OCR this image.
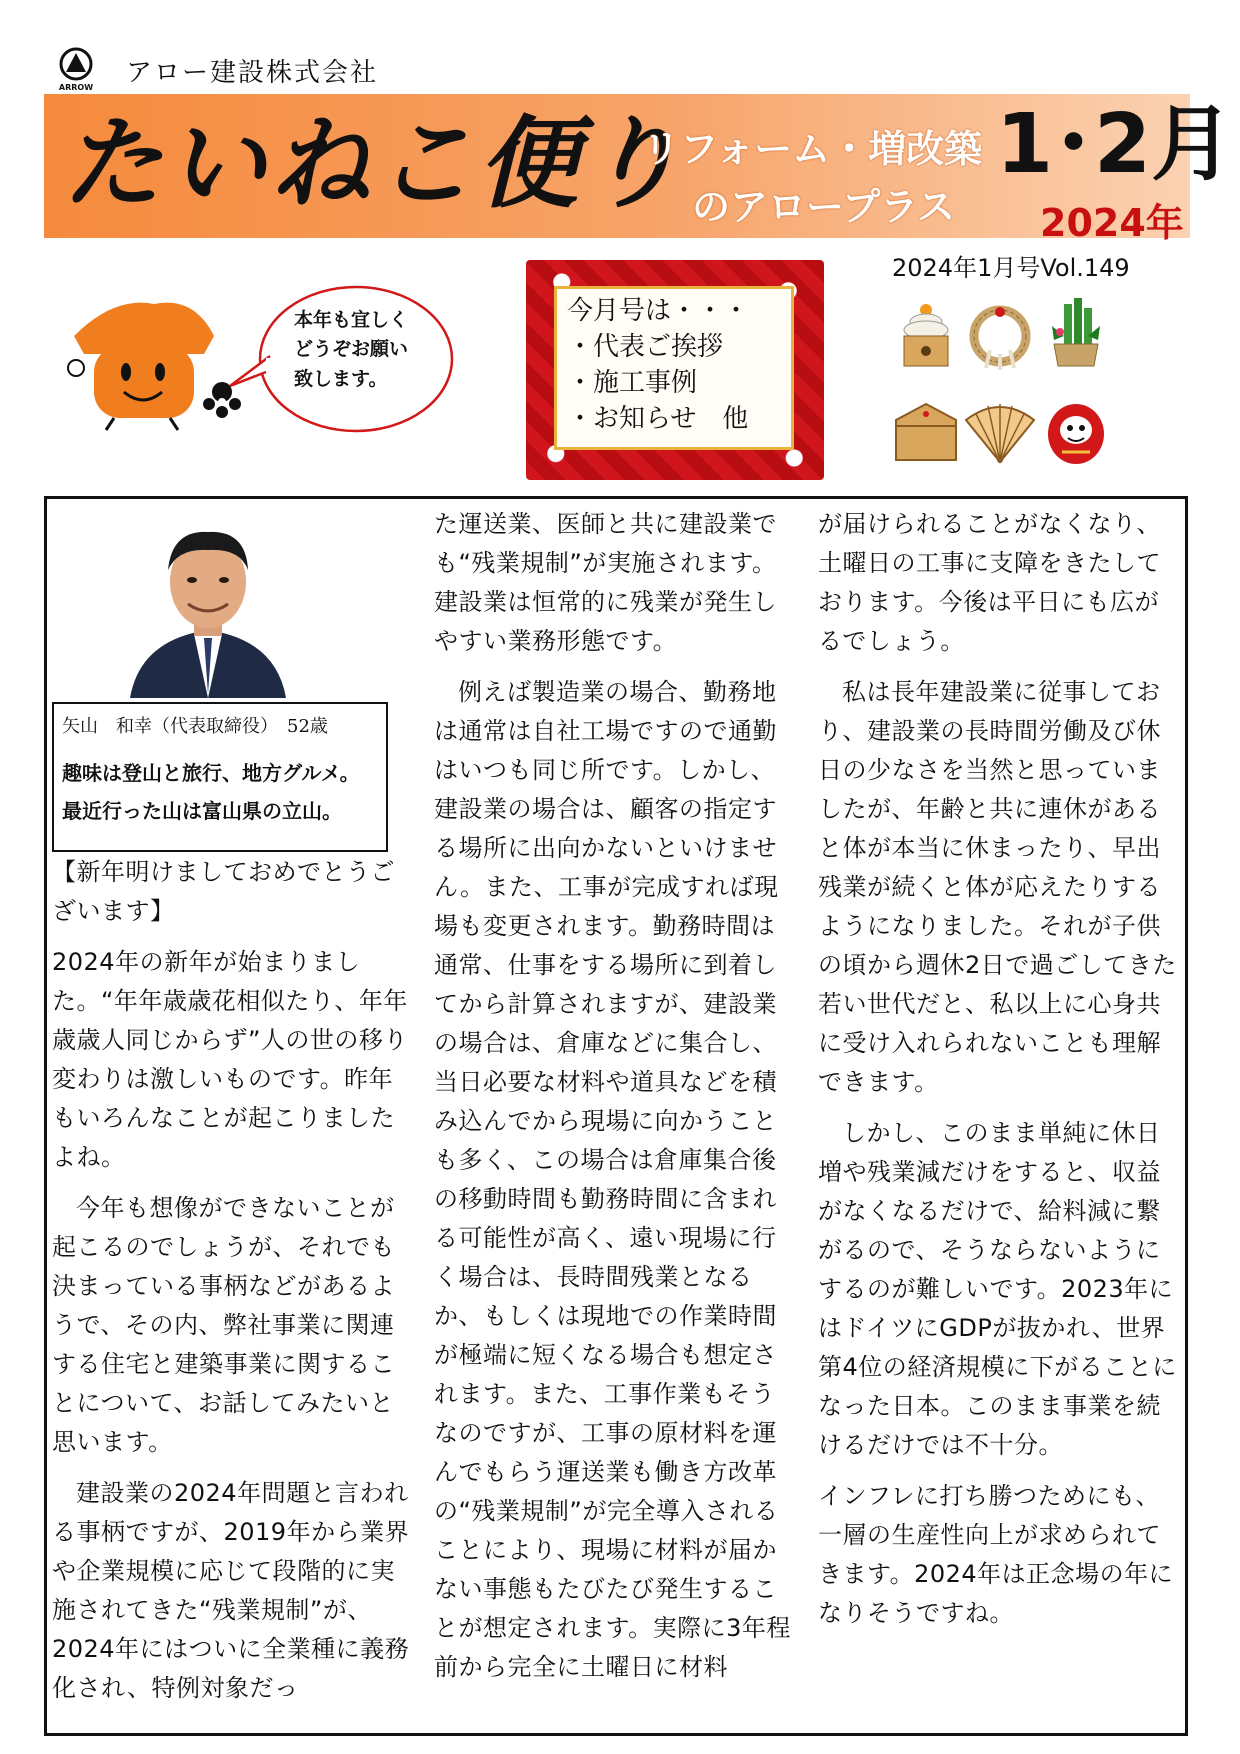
ARROW アロー建設株式会社
たいねこ便り
リフォーム・増改築
のアロープラス
1･2月
2024年
2024年1月号Vol.149
本年も宜しく
どうぞお願い
致します。
今月号は・・・
・代表ご挨拶
・施工事例
・お知らせ　他
矢山　和幸（代表取締役）　52歳
趣味は登山と旅行、地方グルメ。
最近行った山は富山県の立山。

【新年明けましておめでとうございます】

2024年の新年が始まりました。“年年歳歳花相似たり、年年歳歳人同じからず”人の世の移り変わりは激しいものです。昨年もいろんなことが起こりましたよね。

今年も想像ができないことが起こるのでしょうが、それでも決まっている事柄などがあるようで、その内、弊社事業に関連する住宅と建築事業に関することについて、お話してみたいと思います。

建設業の2024年問題と言われる事柄ですが、2019年から業界や企業規模に応じて段階的に実施されてきた“残業規制”が、2024年にはついに全業種に義務化され、特例対象だっ

た運送業、医師と共に建設業でも“残業規制”が実施されます。建設業は恒常的に残業が発生しやすい業務形態です。

例えば製造業の場合、勤務地は通常は自社工場ですので通勤はいつも同じ所です。しかし、建設業の場合は、顧客の指定する場所に出向かないといけません。また、工事が完成すれば現場も変更されます。勤務時間は通常、仕事をする場所に到着してから計算されますが、建設業の場合は、倉庫などに集合し、当日必要な材料や道具などを積み込んでから現場に向かうことも多く、この場合は倉庫集合後の移動時間も勤務時間に含まれる可能性が高く、遠い現場に行く場合は、長時間残業となるか、もしくは現地での作業時間が極端に短くなる場合も想定されます。また、工事作業もそうなのですが、工事の原材料を運んでもらう運送業も働き方改革の“残業規制”が完全導入されることにより、現場に材料が届かない事態もたびたび発生することが想定されます。実際に3年程前から完全に土曜日に材料

が届けられることがなくなり、土曜日の工事に支障をきたしております。今後は平日にも広がるでしょう。

私は長年建設業に従事しており、建設業の長時間労働及び休日の少なさを当然と思っていましたが、年齢と共に連休があると体が本当に休まったり、早出残業が続くと体が応えたりするようになりました。それが子供の頃から週休2日で過ごしてきた若い世代だと、私以上に心身共に受け入れられないことも理解できます。

しかし、このまま単純に休日増や残業減だけをすると、収益がなくなるだけで、給料減に繋がるので、そうならないようにするのが難しいです。2023年にはドイツにGDPが抜かれ、世界第4位の経済規模に下がることになった日本。このまま事業を続けるだけでは不十分。

インフレに打ち勝つためにも、一層の生産性向上が求められてきます。2024年は正念場の年になりそうですね。
